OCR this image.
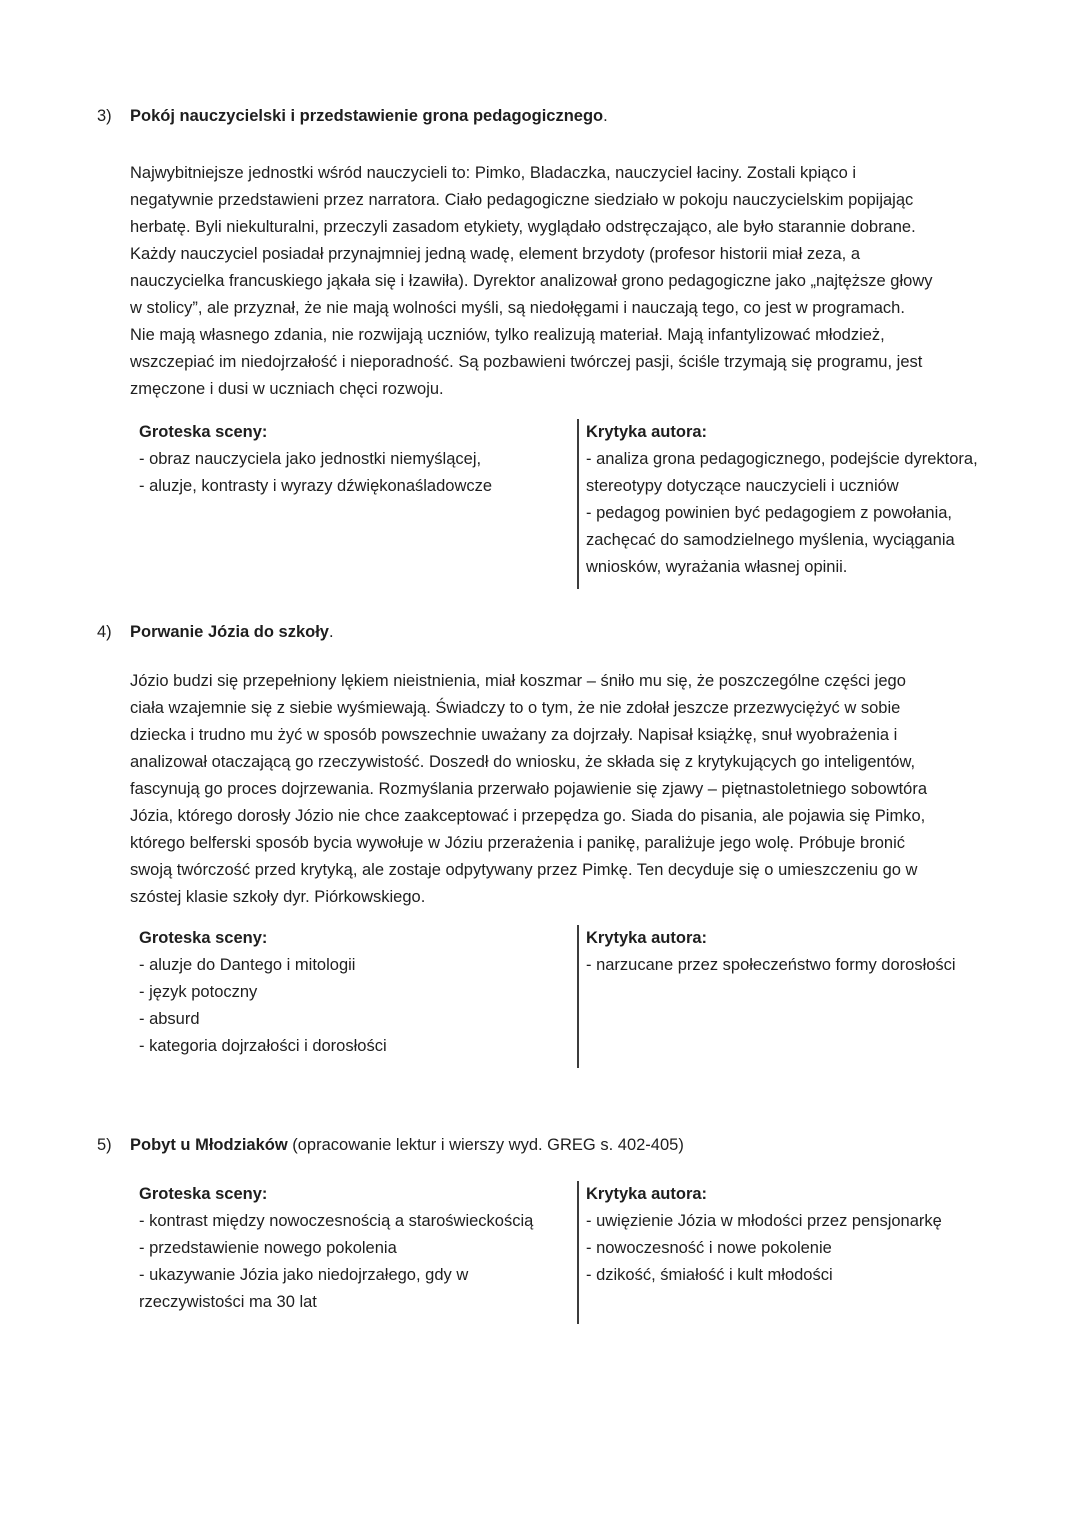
3) Pokój nauczycielski i przedstawienie grona pedagogicznego.
Najwybitniejsze jednostki wśród nauczycieli to: Pimko, Bladaczka, nauczyciel łaciny. Zostali kpiąco i
negatywnie przedstawieni przez narratora. Ciało pedagogiczne siedziało w pokoju nauczycielskim popijając
herbatę. Byli niekulturalni, przeczyli zasadom etykiety, wyglądało odstręczająco, ale było starannie dobrane.
Każdy nauczyciel posiadał przynajmniej jedną wadę, element brzydoty (profesor historii miał zeza, a
nauczycielka francuskiego jąkała się i łzawiła). Dyrektor analizował grono pedagogiczne jako „najtęższe głowy
w stolicy”, ale przyznał, że nie mają wolności myśli, są niedołęgami i nauczają tego, co jest w programach.
Nie mają własnego zdania, nie rozwijają uczniów, tylko realizują materiał. Mają infantylizować młodzież,
wszczepiać im niedojrzałość i nieporadność. Są pozbawieni twórczej pasji, ściśle trzymają się programu, jest
zmęczone i dusi w uczniach chęci rozwoju.
Groteska sceny:
- obraz nauczyciela jako jednostki niemyślącej,
- aluzje, kontrasty i wyrazy dźwiękonaśladowcze
Krytyka autora:
- analiza grona pedagogicznego, podejście dyrektora, stereotypy dotyczące nauczycieli i uczniów
- pedagog powinien być pedagogiem z powołania, zachęcać do samodzielnego myślenia, wyciągania wniosków, wyrażania własnej opinii.
4) Porwanie Józia do szkoły.
Józio budzi się przepełniony lękiem nieistnienia, miał koszmar – śniło mu się, że poszczególne części jego
ciała wzajemnie się z siebie wyśmiewają. Świadczy to o tym, że nie zdołał jeszcze przezwyciężyć w sobie
dziecka i trudno mu żyć w sposób powszechnie uważany za dojrzały. Napisał książkę, snuł wyobrażenia i
analizował otaczającą go rzeczywistość. Doszedł do wniosku, że składa się z krytykujących go inteligentów,
fascynują go proces dojrzewania. Rozmyślania przerwało pojawienie się zjawy – piętnastoletniego sobowtóra
Józia, którego dorosły Józio nie chce zaakceptować i przepędza go. Siada do pisania, ale pojawia się Pimko,
którego belferski sposób bycia wywołuje w Józiu przerażenia i panikę, paraliżuje jego wolę. Próbuje bronić
swoją twórczość przed krytyką, ale zostaje odpytywany przez Pimkę. Ten decyduje się o umieszczeniu go w
szóstej klasie szkoły dyr. Piórkowskiego.
Groteska sceny:
- aluzje do Dantego i mitologii
- język potoczny
- absurd
- kategoria dojrzałości i dorosłości
Krytyka autora:
- narzucane przez społeczeństwo formy dorosłości
5) Pobyt u Młodziaków (opracowanie lektur i wierszy wyd. GREG s. 402-405)
Groteska sceny:
- kontrast między nowoczesnością a staroświeckością
- przedstawienie nowego pokolenia
- ukazywanie Józia jako niedojrzałego, gdy w rzeczywistości ma 30 lat
Krytyka autora:
- uwięzienie Józia w młodości przez pensjonarkę
- nowoczesność i nowe pokolenie
- dzikość, śmiałość i kult młodości
